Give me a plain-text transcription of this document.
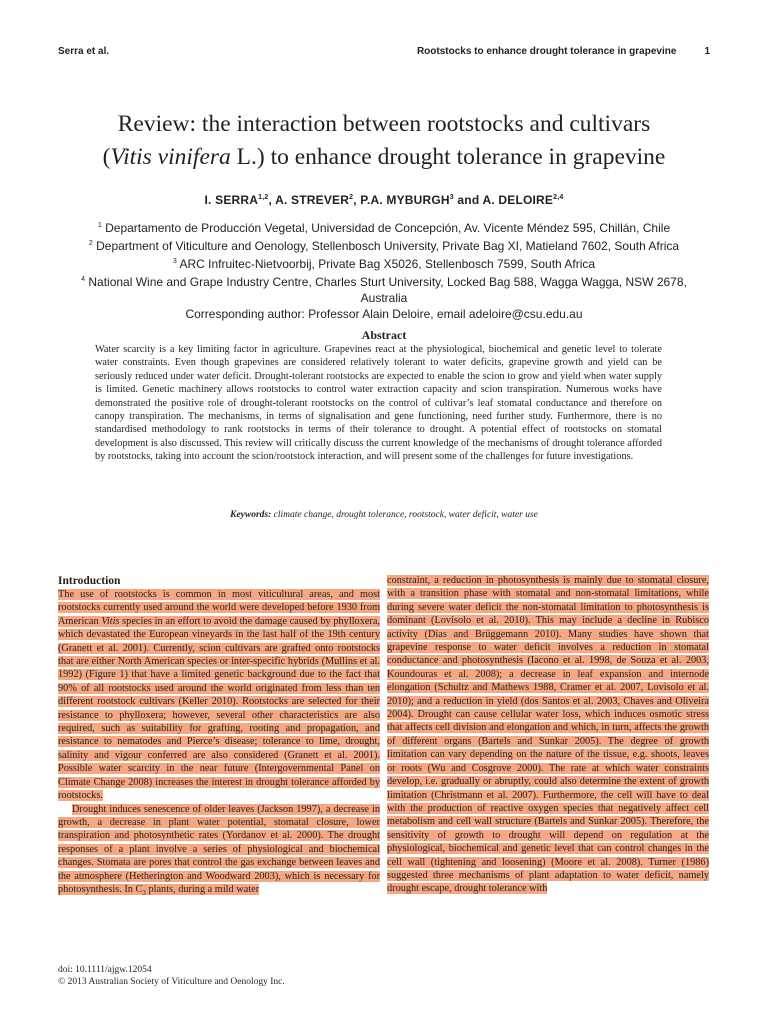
Serra et al.	Rootstocks to enhance drought tolerance in grapevine	1
Review: the interaction between rootstocks and cultivars
(Vitis vinifera L.) to enhance drought tolerance in grapevine
I. SERRA$^{1,2}$, A. STREVER$^2$, P.A. MYBURGH$^3$ and A. DELOIRE$^{2,4}$
$^1$ Departamento de Producción Vegetal, Universidad de Concepción, Av. Vicente Méndez 595, Chillán, Chile
$^2$ Department of Viticulture and Oenology, Stellenbosch University, Private Bag XI, Matieland 7602, South Africa
$^3$ ARC Infruitec-Nietvoorbij, Private Bag X5026, Stellenbosch 7599, South Africa
$^4$ National Wine and Grape Industry Centre, Charles Sturt University, Locked Bag 588, Wagga Wagga, NSW 2678, Australia
Corresponding author: Professor Alain Deloire, email adeloire@csu.edu.au
Abstract
Water scarcity is a key limiting factor in agriculture. Grapevines react at the physiological, biochemical and genetic level to tolerate water constraints. Even though grapevines are considered relatively tolerant to water deficits, grapevine growth and yield can be seriously reduced under water deficit. Drought-tolerant rootstocks are expected to enable the scion to grow and yield when water supply is limited. Genetic machinery allows rootstocks to control water extraction capacity and scion transpiration. Numerous works have demonstrated the positive role of drought-tolerant rootstocks on the control of cultivar’s leaf stomatal conductance and therefore on canopy transpiration. The mechanisms, in terms of signalisation and gene functioning, need further study. Furthermore, there is no standardised methodology to rank rootstocks in terms of their tolerance to drought. A potential effect of rootstocks on stomatal development is also discussed. This review will critically discuss the current knowledge of the mechanisms of drought tolerance afforded by rootstocks, taking into account the scion/rootstock interaction, and will present some of the challenges for future investigations.
Keywords: climate change, drought tolerance, rootstock, water deficit, water use
Introduction

The use of rootstocks is common in most viticultural areas, and most rootstocks currently used around the world were developed before 1930 from American Vitis species in an effort to avoid the damage caused by phylloxera, which devastated the European vineyards in the last half of the 19th century (Granett et al. 2001). Currently, scion cultivars are grafted onto rootstocks that are either North American species or inter-specific hybrids (Mullins et al. 1992) (Figure 1) that have a limited genetic background due to the fact that 90% of all rootstocks used around the world originated from less than ten different rootstock cultivars (Keller 2010). Rootstocks are selected for their resistance to phylloxera; however, several other characteristics are also required, such as suitability for grafting, rooting and propagation, and resistance to nematodes and Pierce’s disease; tolerance to lime, drought, salinity and vigour conferred are also considered (Granett et al. 2001). Possible water scarcity in the near future (Intergovernmental Panel on Climate Change 2008) increases the interest in drought tolerance afforded by rootstocks.

Drought induces senescence of older leaves (Jackson 1997), a decrease in growth, a decrease in plant water potential, stomatal closure, lower transpiration and photosynthetic rates (Yordanov et al. 2000). The drought responses of a plant involve a series of physiological and biochemical changes. Stomata are pores that control the gas exchange between leaves and the atmosphere (Hetherington and Woodward 2003), which is necessary for photosynthesis. In $C_3$ plants, during a mild water

constraint, a reduction in photosynthesis is mainly due to stomatal closure, with a transition phase with stomatal and non-stomatal limitations, while during severe water deficit the non-stomatal limitation to photosynthesis is dominant (Lovisolo et al. 2010). This may include a decline in Rubisco activity (Dias and Brüggemann 2010). Many studies have shown that grapevine response to water deficit involves a reduction in stomatal conductance and photosynthesis (Iacono et al. 1998, de Souza et al. 2003, Koundouras et al. 2008); a decrease in leaf expansion and internode elongation (Schultz and Mathews 1988, Cramer et al. 2007, Lovisolo et al. 2010); and a reduction in yield (dos Santos et al. 2003, Chaves and Oliveira 2004). Drought can cause cellular water loss, which induces osmotic stress that affects cell division and elongation and which, in turn, affects the growth of different organs (Bartels and Sunkar 2005). The degree of growth limitation can vary depending on the nature of the tissue, e.g. shoots, leaves or roots (Wu and Cosgrove 2000). The rate at which water constraints develop, i.e. gradually or abruptly, could also determine the extent of growth limitation (Christmann et al. 2007). Furthermore, the cell will have to deal with the production of reactive oxygen species that negatively affect cell metabolism and cell wall structure (Bartels and Sunkar 2005). Therefore, the sensitivity of growth to drought will depend on regulation at the physiological, biochemical and genetic level that can control changes in the cell wall (tightening and loosening) (Moore et al. 2008). Turner (1986) suggested three mechanisms of plant adaptation to water deficit, namely drought escape, drought tolerance with

doi: 10.1111/ajgw.12054
© 2013 Australian Society of Viticulture and Oenology Inc.
